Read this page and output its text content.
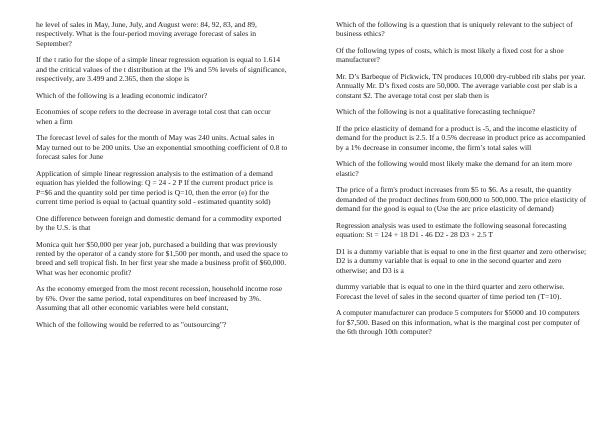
he level of sales in May, June, July, and August were: 84, 92, 83, and 89, respectively. What is the four-period moving average forecast of sales in September?

If the t ratio for the slope of a simple linear regression equation is equal to 1.614 and the critical values of the t distribution at the 1% and 5% levels of significance, respectively, are 3.499 and 2.365, then the slope is

Which of the following is a leading economic indicator?

Economies of scope refers to the decrease in average total cost that can occur when a firm

The forecast level of sales for the month of May was 240 units. Actual sales in May turned out to be 200 units. Use an exponential smoothing coefficient of 0.8 to forecast sales for June

Application of simple linear regression analysis to the estimation of a demand equation has yielded the following: Q = 24 - 2 P If the current product price is P=$6 and the quantity sold per time period is Q=10, then the error (e) for the current time period is equal to (actual quantity sold - estimated quantity sold)

One difference between foreign and domestic demand for a commodity exported by the U.S. is that

Monica quit her $50,000 per year job, purchased a building that was previously rented by the operator of a candy store for $1,500 per month, and used the space to breed and sell tropical fish. In her first year she made a business profit of $60,000. What was her economic profit?

As the economy emerged from the most recent recession, household income rose by 6%. Over the same period, total expenditures on beef increased by 3%. Assuming that all other economic variables were held constant,

Which of the following would be referred to as "outsourcing"?

Which of the following is a question that is uniquely relevant to the subject of business ethics?

Of the following types of costs, which is most likely a fixed cost for a shoe manufacturer?

Mr. D’s Barbeque of Pickwick, TN produces 10,000 dry-rubbed rib slabs per year. Annually Mr. D’s fixed costs are 50,000. The average variable cost per slab is a constant $2. The average total cost per slab then is

Which of the following is not a qualitative forecasting technique?

If the price elasticity of demand for a product is -5, and the income elasticity of demand for the product is 2.5. If a 0.5% decrease in product price as accompanied by a 1% decrease in consumer income, the firm’s total sales will

Which of the following would most likely make the demand for an item more elastic?

The price of a firm's product increases from $5 to $6. As a result, the quantity demanded of the product declines from 600,000 to 500,000. The price elasticity of demand for the good is equal to (Use the arc price elasticity of demand)

Regression analysis was used to estimate the following seasonal forecasting equation: St = 124 + 18 D1 - 46 D2 - 28 D3 + 2.5 T

D1 is a dummy variable that is equal to one in the first quarter and zero otherwise; D2 is a dummy variable that is equal to one in the second quarter and zero otherwise; and D3 is a

dummy variable that is equal to one in the third quarter and zero otherwise. Forecast the level of sales in the second quarter of time period ten (T=10).

A computer manufacturer can produce 5 computers for $5000 and 10 computers for $7,500. Based on this information, what is the marginal cost per computer of the 6th through 10th computer?
